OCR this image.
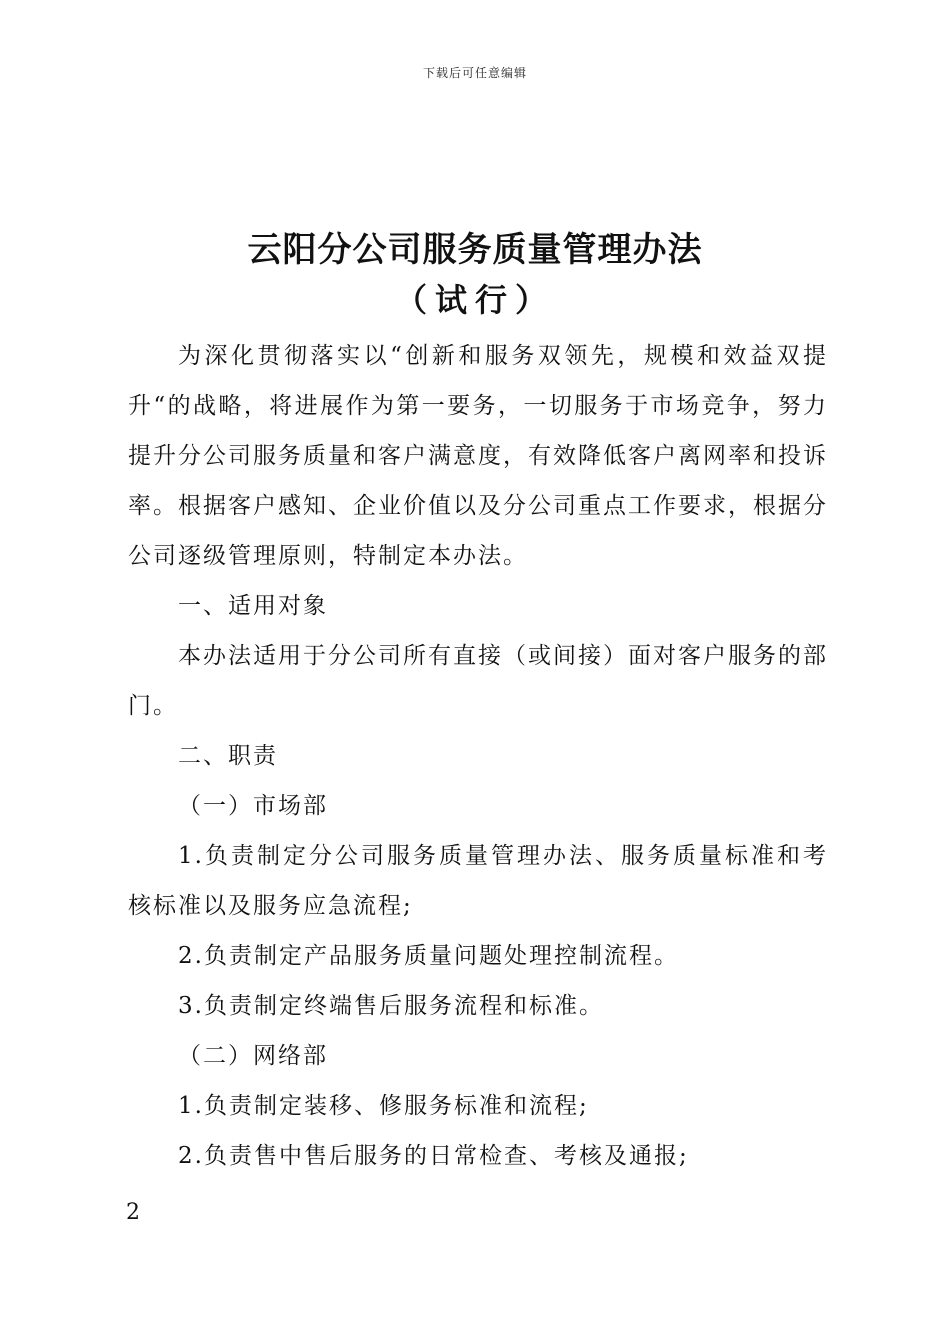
下载后可任意编辑
云阳分公司服务质量管理办法
（试行）

为深化贯彻落实以“创新和服务双领先，规模和效益双提升“的战略，将进展作为第一要务，一切服务于市场竞争，努力提升分公司服务质量和客户满意度，有效降低客户离网率和投诉率。根据客户感知、企业价值以及分公司重点工作要求，根据分公司逐级管理原则，特制定本办法。

一、适用对象

本办法适用于分公司所有直接（或间接）面对客户服务的部门。

二、职责

（一）市场部

1.负责制定分公司服务质量管理办法、服务质量标准和考核标准以及服务应急流程;

2.负责制定产品服务质量问题处理控制流程。

3.负责制定终端售后服务流程和标准。

（二）网络部

1.负责制定装移、修服务标准和流程;

2.负责售中售后服务的日常检查、考核及通报;

2
